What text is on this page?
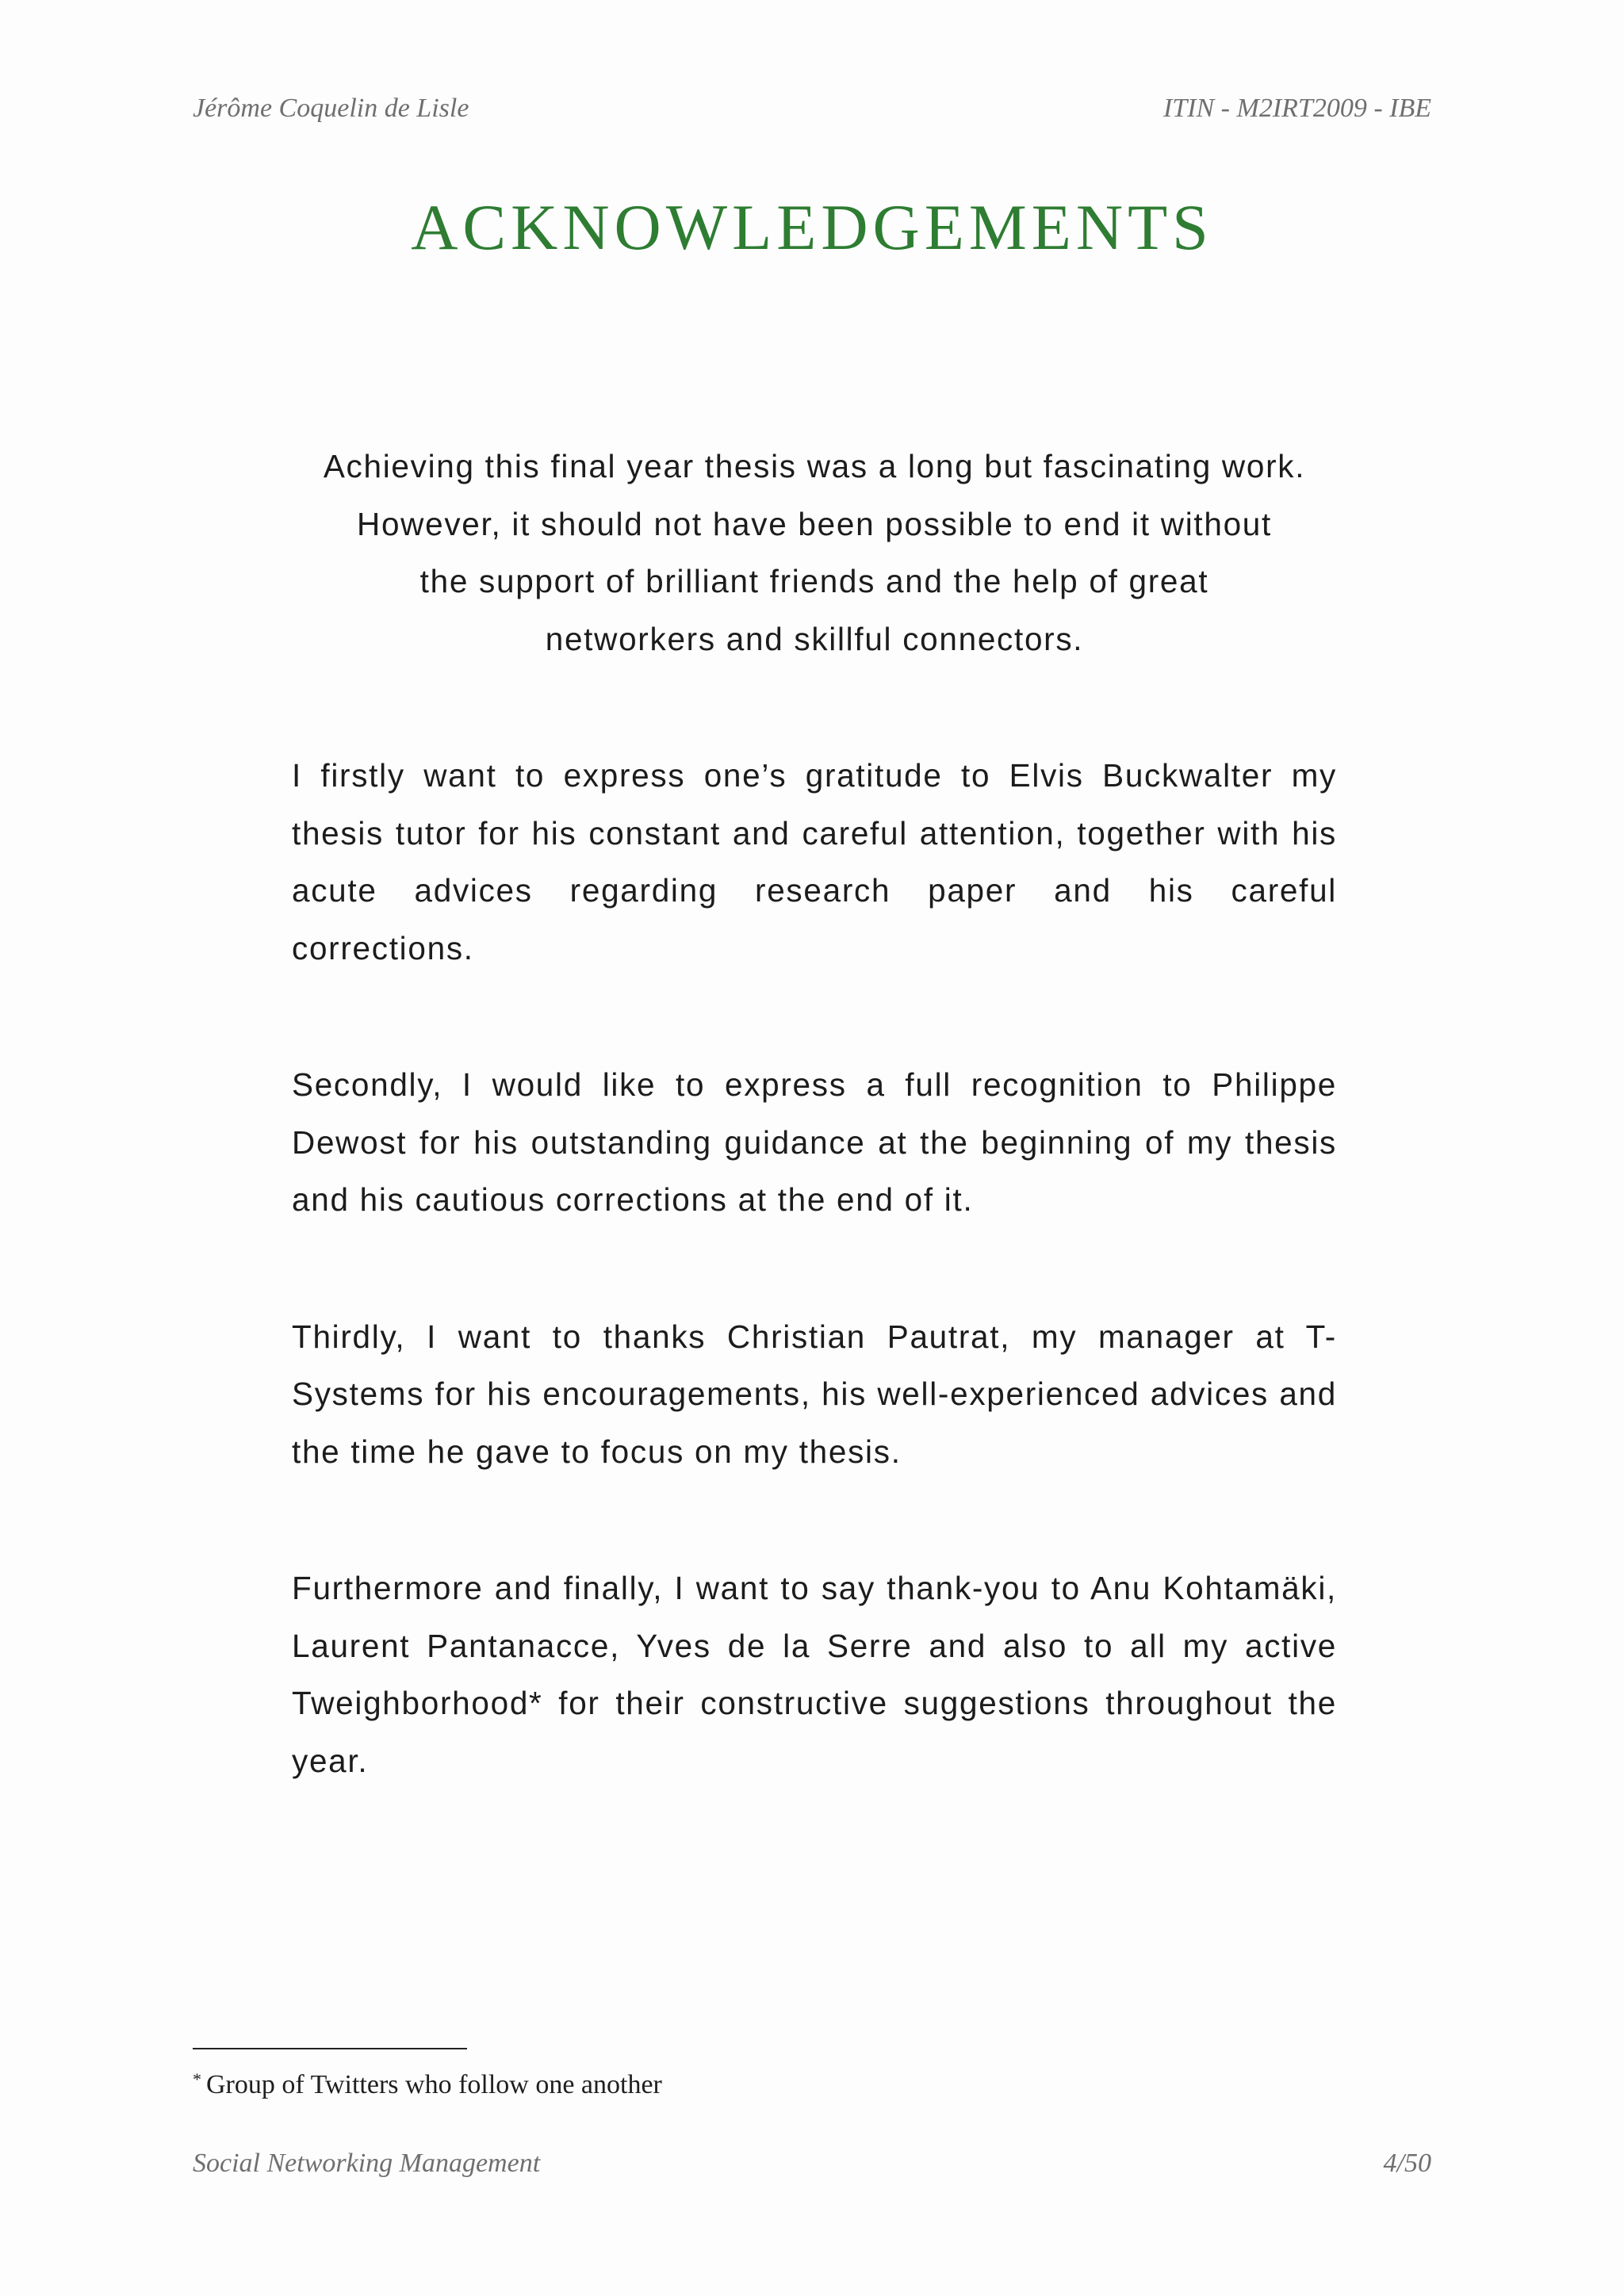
Jérôme Coquelin de Lisle	ITIN - M2IRT2009 - IBE
ACKNOWLEDGEMENTS

Achieving this final year thesis was a long but fascinating work.
However, it should not have been possible to end it without
the support of brilliant friends and the help of great
networkers and skillful connectors.

I firstly want to express one’s gratitude to Elvis Buckwalter my thesis tutor for his constant and careful attention, together with his acute advices regarding research paper and his careful corrections.

Secondly, I would like to express a full recognition to Philippe Dewost for his outstanding guidance at the beginning of my thesis and his cautious corrections at the end of it.

Thirdly, I want to thanks Christian Pautrat, my manager at T-Systems for his encouragements, his well-experienced advices and the time he gave to focus on my thesis.

Furthermore and finally, I want to say thank-you to Anu Kohtamäki, Laurent Pantanacce, Yves de la Serre and also to all my active Tweighborhood* for their constructive suggestions throughout the year.

* Group of Twitters who follow one another
Social Networking Management	4/50
